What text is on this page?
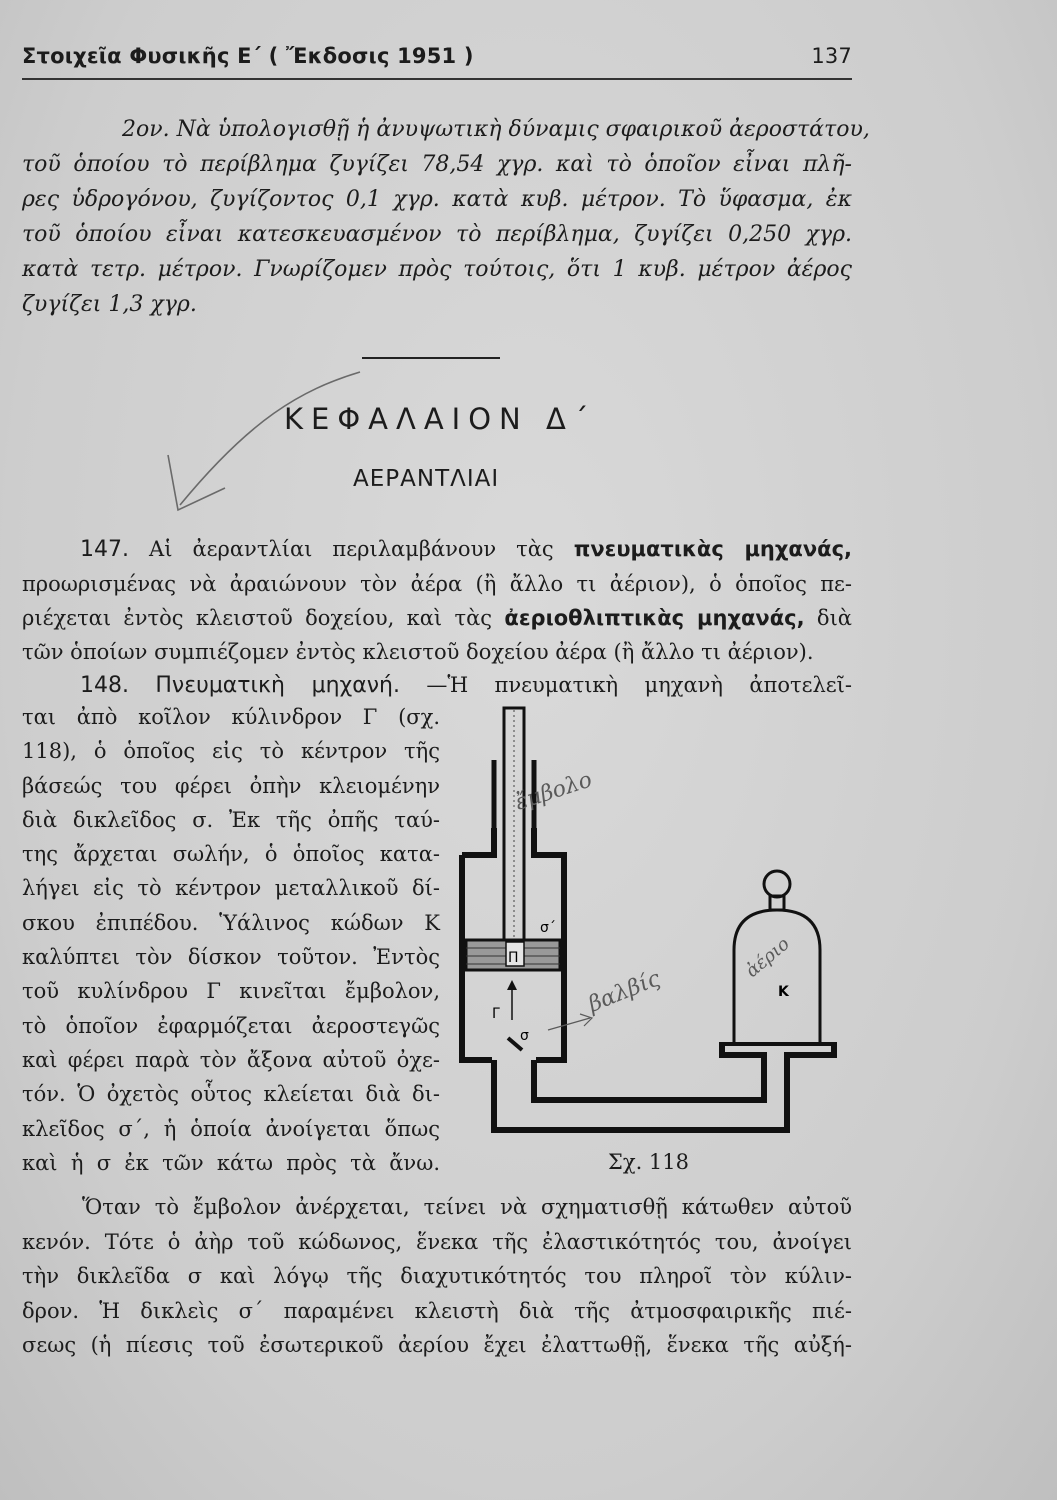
Στοιχεῖα Φυσικῆς Ε΄ ( Ἔκδοσις 1951 )	137
2ον. Νὰ ὑπολογισθῇ ἡ ἀνυψωτικὴ δύναμις σφαιρικοῦ ἀεροστάτου,
τοῦ ὁποίου τὸ περίβλημα ζυγίζει 78,54 χγρ. καὶ τὸ ὁποῖον εἶναι πλῆ-
ρες ὑδρογόνου, ζυγίζοντος 0,1 χγρ. κατὰ κυβ. μέτρον. Τὸ ὕφασμα, ἐκ
τοῦ ὁποίου εἶναι κατεσκευασμένον τὸ περίβλημα, ζυγίζει 0,250 χγρ.
κατὰ τετρ. μέτρον. Γνωρίζομεν πρὸς τούτοις, ὅτι 1 κυβ. μέτρον ἀέρος
ζυγίζει 1,3 χγρ.
ΚΕΦΑΛΑΙΟΝ Δ΄
ΑΕΡΑΝΤΛΙΑΙ
147. Αἱ ἀεραντλίαι περιλαμβάνουν τὰς πνευματικὰς μηχανάς,
προωρισμένας νὰ ἀραιώνουν τὸν ἀέρα (ἢ ἄλλο τι ἀέριον), ὁ ὁποῖος πε-
ριέχεται ἐντὸς κλειστοῦ δοχείου, καὶ τὰς ἀεριοθλιπτικὰς μηχανάς, διὰ
τῶν ὁποίων συμπιέζομεν ἐντὸς κλειστοῦ δοχείου ἀέρα (ἢ ἄλλο τι ἀέριον).
148. Πνευματικὴ μηχανή. —Ἡ πνευματικὴ μηχανὴ ἀποτελεῖ-
ται ἀπὸ κοῖλον κύλινδρον Γ (σχ.
118), ὁ ὁποῖος εἰς τὸ κέντρον τῆς
βάσεώς του φέρει ὀπὴν κλειομένην
διὰ δικλεῖδος σ. Ἐκ τῆς ὀπῆς ταύ-
της ἄρχεται σωλήν, ὁ ὁποῖος κατα-
λήγει εἰς τὸ κέντρον μεταλλικοῦ δί-
σκου ἐπιπέδου. Ὑάλινος κώδων Κ
καλύπτει τὸν δίσκον τοῦτον. Ἐντὸς
τοῦ κυλίνδρου Γ κινεῖται ἔμβολον,
τὸ ὁποῖον ἐφαρμόζεται ἀεροστεγῶς
καὶ φέρει παρὰ τὸν ἄξονα αὐτοῦ ὀχε-
τόν. Ὁ ὀχετὸς οὗτος κλείεται διὰ δι-
κλεῖδος σ΄, ἡ ὁποία ἀνοίγεται ὅπως
καὶ ἡ σ ἐκ τῶν κάτω πρὸς τὰ ἄνω.
Π
σ΄
Γ
σ
Κ
ἔμβολο
βαλβίς
ἀέριο
Σχ. 118
Ὅταν τὸ ἔμβολον ἀνέρχεται, τείνει νὰ σχηματισθῇ κάτωθεν αὐτοῦ
κενόν. Τότε ὁ ἀὴρ τοῦ κώδωνος, ἕνεκα τῆς ἐλαστικότητός του, ἀνοίγει
τὴν δικλεῖδα σ καὶ λόγῳ τῆς διαχυτικότητός του πληροῖ τὸν κύλιν-
δρον. Ἡ δικλεὶς σ΄ παραμένει κλειστὴ διὰ τῆς ἀτμοσφαιρικῆς πιέ-
σεως (ἡ πίεσις τοῦ ἐσωτερικοῦ ἀερίου ἔχει ἐλαττωθῇ, ἕνεκα τῆς αὐξή-
